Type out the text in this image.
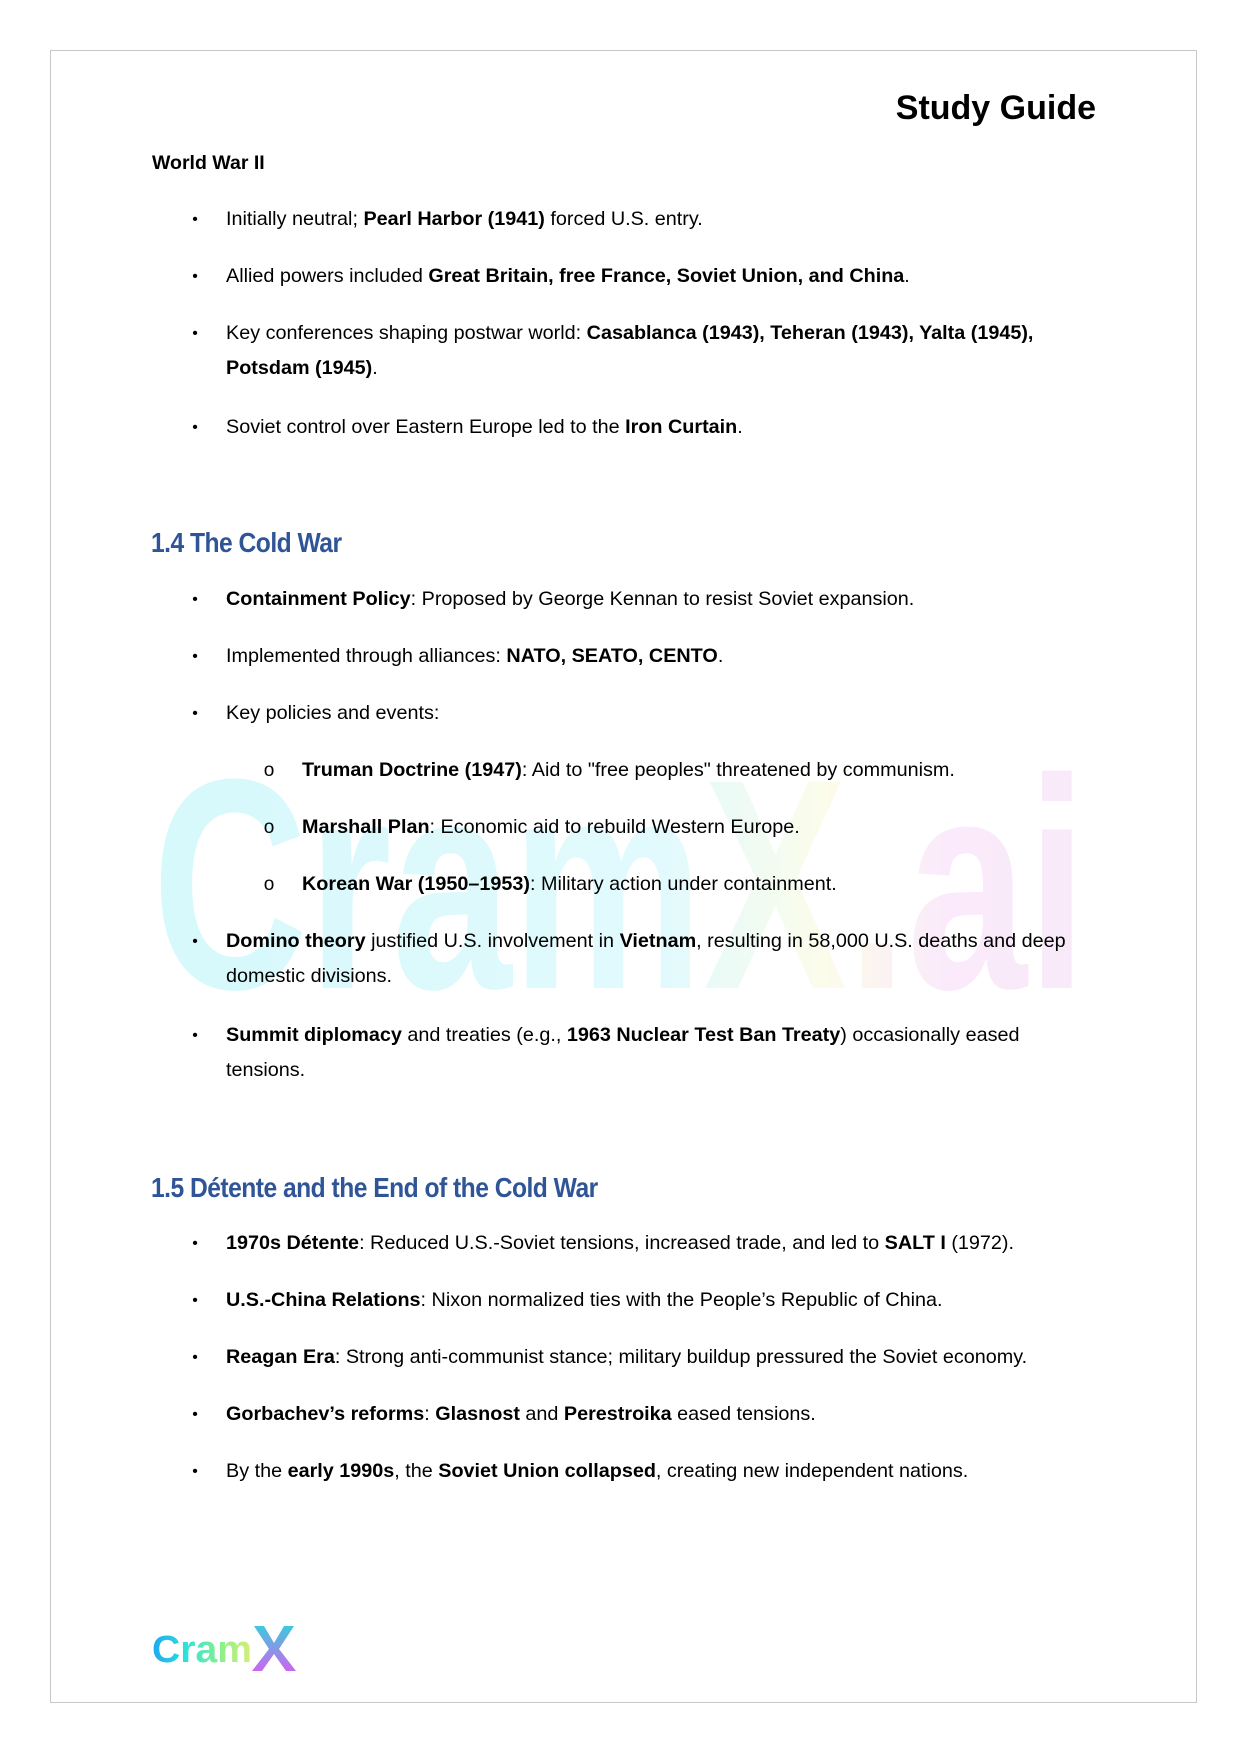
CramX.ai
Study Guide
World War II
• Initially neutral; Pearl Harbor (1941) forced U.S. entry.
• Allied powers included Great Britain, free France, Soviet Union, and China.
• Key conferences shaping postwar world: Casablanca (1943), Teheran (1943), Yalta (1945), Potsdam (1945).
• Soviet control over Eastern Europe led to the Iron Curtain.
1.4 The Cold War
• Containment Policy: Proposed by George Kennan to resist Soviet expansion.
• Implemented through alliances: NATO, SEATO, CENTO.
• Key policies and events:
o Truman Doctrine (1947): Aid to "free peoples" threatened by communism.
o Marshall Plan: Economic aid to rebuild Western Europe.
o Korean War (1950–1953): Military action under containment.
• Domino theory justified U.S. involvement in Vietnam, resulting in 58,000 U.S. deaths and deep domestic divisions.
• Summit diplomacy and treaties (e.g., 1963 Nuclear Test Ban Treaty) occasionally eased tensions.
1.5 Détente and the End of the Cold War
• 1970s Détente: Reduced U.S.-Soviet tensions, increased trade, and led to SALT I (1972).
• U.S.-China Relations: Nixon normalized ties with the People’s Republic of China.
• Reagan Era: Strong anti-communist stance; military buildup pressured the Soviet economy.
• Gorbachev’s reforms: Glasnost and Perestroika eased tensions.
• By the early 1990s, the Soviet Union collapsed, creating new independent nations.
Cram
